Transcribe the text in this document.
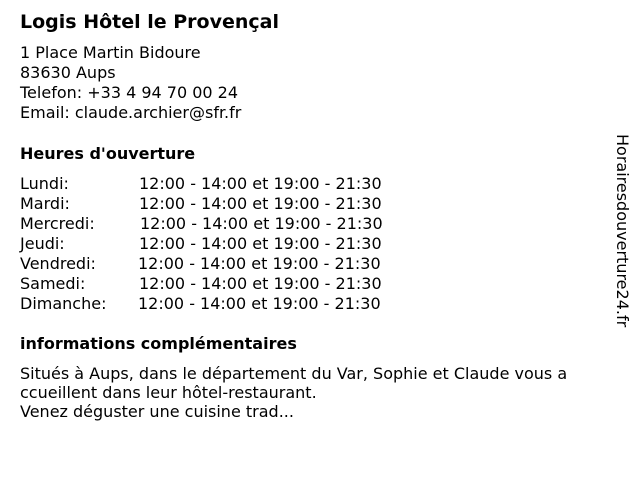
Logis Hôtel le Provençal
1 Place Martin Bidoure
83630 Aups
Telefon: +33 4 94 70 00 24
Email: claude.archier@sfr.fr
Heures d'ouverture
Lundi:	12:00 - 14:00 et 19:00 - 21:30
Mardi:	12:00 - 14:00 et 19:00 - 21:30
Mercredi:	12:00 - 14:00 et 19:00 - 21:30
Jeudi:	12:00 - 14:00 et 19:00 - 21:30
Vendredi:	12:00 - 14:00 et 19:00 - 21:30
Samedi:	12:00 - 14:00 et 19:00 - 21:30
Dimanche: 12:00 - 14:00 et 19:00 - 21:30
informations complémentaires
Situés à Aups, dans le département du Var, Sophie et Claude vous a
ccueillent dans leur hôtel-restaurant.
Venez déguster une cuisine trad...
Horairesdouverture24.fr
